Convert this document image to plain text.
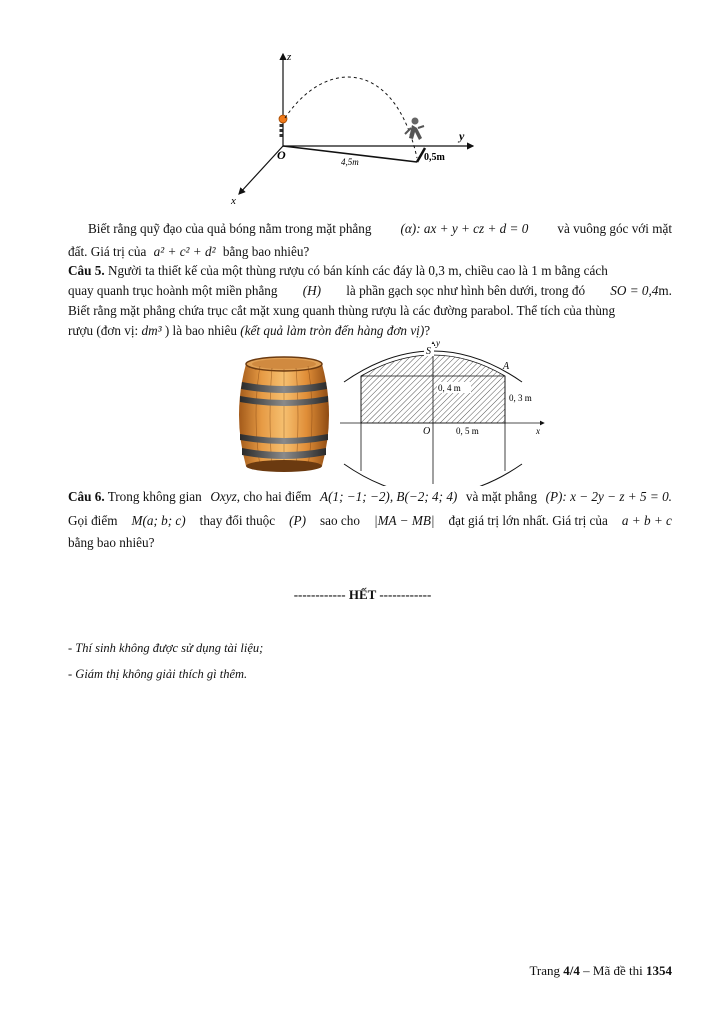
z
y
x
O	4,5m	0,5m
Biết rằng quỹ đạo của quả bóng nằm trong mặt phẳng (α): ax + y + cz + d = 0 và vuông góc với mặt
đất. Giá trị của a² + c² + d² bằng bao nhiêu?
Câu 5. Người ta thiết kế của một thùng rượu có bán kính các đáy là 0,3 m, chiều cao là 1 m bằng cách
quay quanh trục hoành một miền phẳng (H) là phần gạch sọc như hình bên dưới, trong đó SO = 0,4m.
Biết rằng mặt phẳng chứa trục cắt mặt xung quanh thùng rượu là các đường parabol. Thể tích của thùng
rượu (đơn vị: dm³ ) là bao nhiêu (kết quả làm tròn đến hàng đơn vị)?
y
x
S
A
O
0, 4 m
0, 3 m
0, 5 m
Câu 6. Trong không gian Oxyz, cho hai điểm A(1; −1; −2), B(−2; 4; 4) và mặt phẳng (P): x − 2y − z + 5 = 0.
Gọi điểm M(a; b; c) thay đổi thuộc (P) sao cho |MA − MB| đạt giá trị lớn nhất. Giá trị của a + b + c
bằng bao nhiêu?
------------ HẾT ------------
- Thí sinh không được sử dụng tài liệu;
- Giám thị không giải thích gì thêm.
Trang 4/4 – Mã đề thi 1354
